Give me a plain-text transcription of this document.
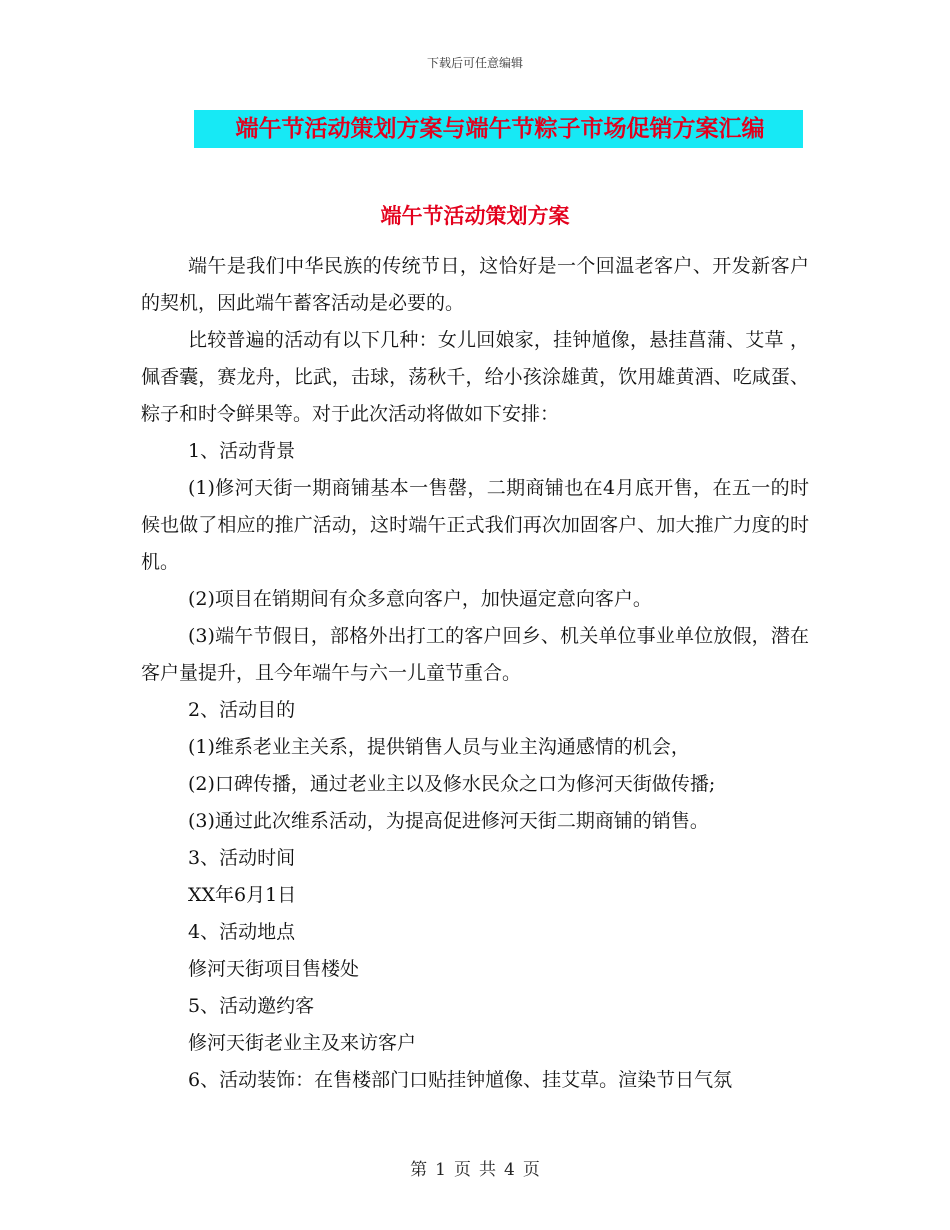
下载后可任意编辑
端午节活动策划方案与端午节粽子市场促销方案汇编
端午节活动策划方案

端午是我们中华民族的传统节日，这恰好是一个回温老客户、开发新客户的契机，因此端午蓄客活动是必要的。

比较普遍的活动有以下几种：女儿回娘家，挂钟馗像，悬挂菖蒲、艾草 ，佩香囊，赛龙舟，比武，击球，荡秋千，给小孩涂雄黄，饮用雄黄酒、吃咸蛋、粽子和时令鲜果等。对于此次活动将做如下安排：

1、活动背景

(1)修河天街一期商铺基本一售罄，二期商铺也在4月底开售，在五一的时候也做了相应的推广活动，这时端午正式我们再次加固客户、加大推广力度的时机。

(2)项目在销期间有众多意向客户，加快逼定意向客户。

(3)端午节假日，部格外出打工的客户回乡、机关单位事业单位放假，潜在客户量提升，且今年端午与六一儿童节重合。

2、活动目的

(1)维系老业主关系，提供销售人员与业主沟通感情的机会，

(2)口碑传播，通过老业主以及修水民众之口为修河天街做传播;

(3)通过此次维系活动，为提高促进修河天街二期商铺的销售。

3、活动时间

XX年6月1日

4、活动地点

修河天街项目售楼处

5、活动邀约客

修河天街老业主及来访客户

6、活动装饰：在售楼部门口贴挂钟馗像、挂艾草。渲染节日气氛

第 1 页 共 4 页
